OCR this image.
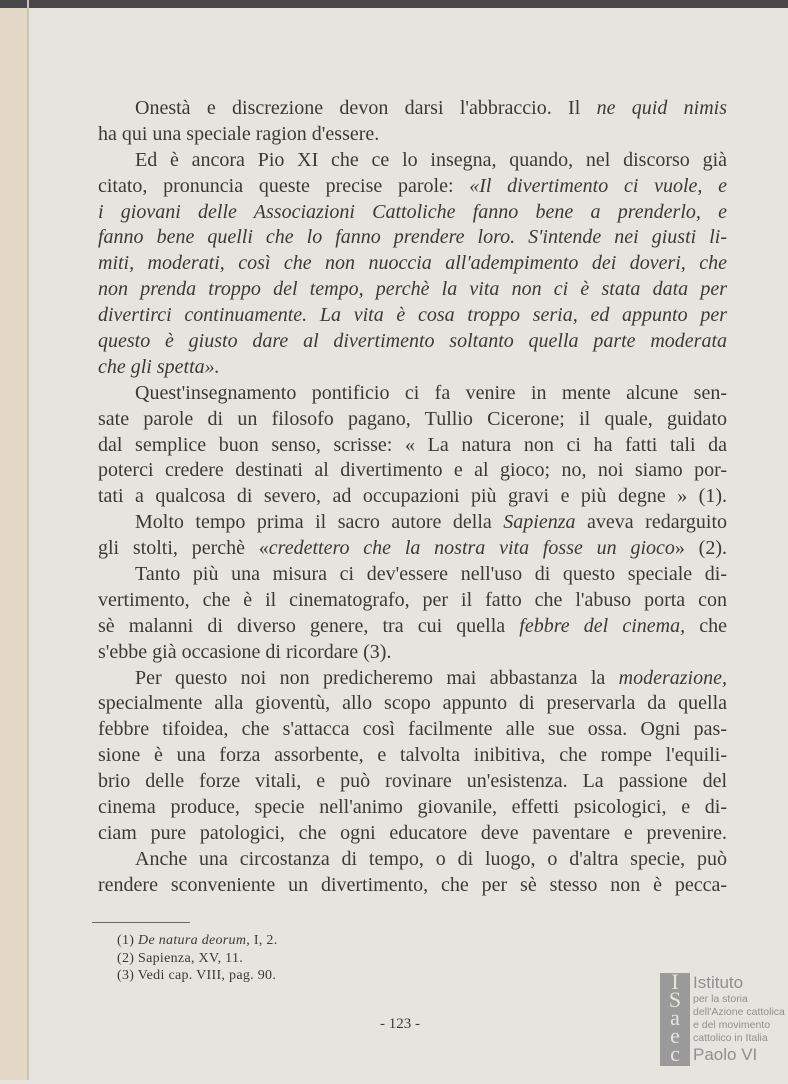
Onestà e discrezione devon darsi l'abbraccio. Il ne quid nimis
ha qui una speciale ragion d'essere.
Ed è ancora Pio XI che ce lo insegna, quando, nel discorso già
citato, pronuncia queste precise parole: «Il divertimento ci vuole, e
i giovani delle Associazioni Cattoliche fanno bene a prenderlo, e
fanno bene quelli che lo fanno prendere loro. S'intende nei giusti li-
miti, moderati, così che non nuoccia all'adempimento dei doveri, che
non prenda troppo del tempo, perchè la vita non ci è stata data per
divertirci continuamente. La vita è cosa troppo seria, ed appunto per
questo è giusto dare al divertimento soltanto quella parte moderata
che gli spetta».
Quest'insegnamento pontificio ci fa venire in mente alcune sen-
sate parole di un filosofo pagano, Tullio Cicerone; il quale, guidato
dal semplice buon senso, scrisse: « La natura non ci ha fatti tali da
poterci credere destinati al divertimento e al gioco; no, noi siamo por-
tati a qualcosa di severo, ad occupazioni più gravi e più degne » (1).
Molto tempo prima il sacro autore della Sapienza aveva redarguito
gli stolti, perchè «credettero che la nostra vita fosse un gioco» (2).
Tanto più una misura ci dev'essere nell'uso di questo speciale di-
vertimento, che è il cinematografo, per il fatto che l'abuso porta con
sè malanni di diverso genere, tra cui quella febbre del cinema, che
s'ebbe già occasione di ricordare (3).
Per questo noi non predicheremo mai abbastanza la moderazione,
specialmente alla gioventù, allo scopo appunto di preservarla da quella
febbre tifoidea, che s'attacca così facilmente alle sue ossa. Ogni pas-
sione è una forza assorbente, e talvolta inibitiva, che rompe l'equili-
brio delle forze vitali, e può rovinare un'esistenza. La passione del
cinema produce, specie nell'animo giovanile, effetti psicologici, e di-
ciam pure patologici, che ogni educatore deve paventare e prevenire.
Anche una circostanza di tempo, o di luogo, o d'altra specie, può
rendere sconveniente un divertimento, che per sè stesso non è pecca-
(1) De natura deorum, I, 2.
(2) Sapienza, XV, 11.
(3) Vedi cap. VIII, pag. 90.
- 123 -
I
S
a
e
c
m
Istituto
per la storia
dell'Azione cattolica
e del movimento
cattolico in Italia
Paolo VI
